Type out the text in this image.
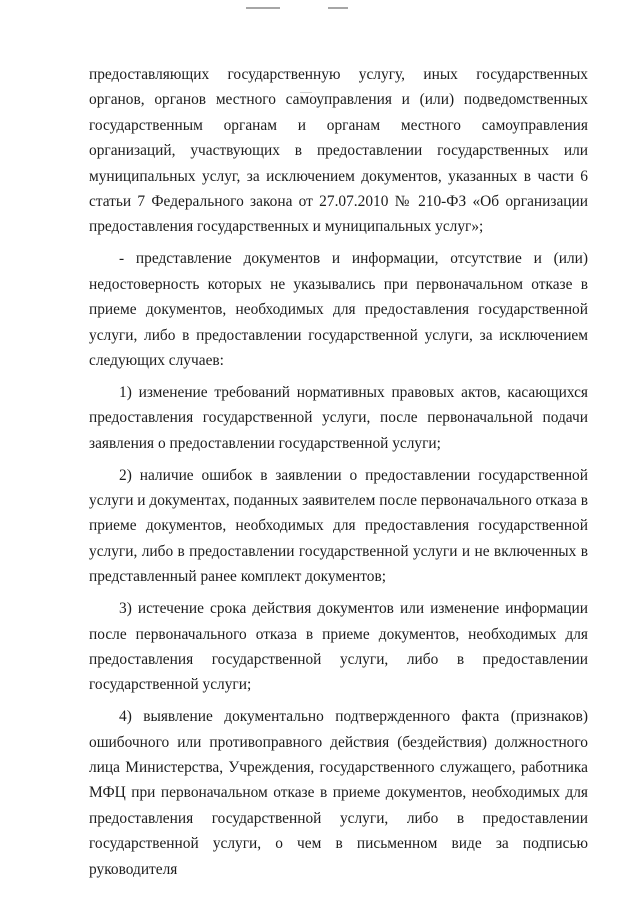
предоставляющих государственную услугу, иных государственных органов, органов местного самоуправления и (или) подведомственных государственным органам и органам местного самоуправления организаций, участвующих в предоставлении государственных или муниципальных услуг, за исключением документов, указанных в части 6 статьи 7 Федерального закона от 27.07.2010 № 210-ФЗ «Об организации предоставления государственных и муниципальных услуг»;

- представление документов и информации, отсутствие и (или) недостоверность которых не указывались при первоначальном отказе в приеме документов, необходимых для предоставления государственной услуги, либо в предоставлении государственной услуги, за исключением следующих случаев:

1) изменение требований нормативных правовых актов, касающихся предоставления государственной услуги, после первоначальной подачи заявления о предоставлении государственной услуги;

2) наличие ошибок в заявлении о предоставлении государственной услуги и документах, поданных заявителем после первоначального отказа в приеме документов, необходимых для предоставления государственной услуги, либо в предоставлении государственной услуги и не включенных в представленный ранее комплект документов;

3) истечение срока действия документов или изменение информации после первоначального отказа в приеме документов, необходимых для предоставления государственной услуги, либо в предоставлении государственной услуги;

4) выявление документально подтвержденного факта (признаков) ошибочного или противоправного действия (бездействия) должностного лица Министерства, Учреждения, государственного служащего, работника МФЦ при первоначальном отказе в приеме документов, необходимых для предоставления государственной услуги, либо в предоставлении государственной услуги, о чем в письменном виде за подписью руководителя
